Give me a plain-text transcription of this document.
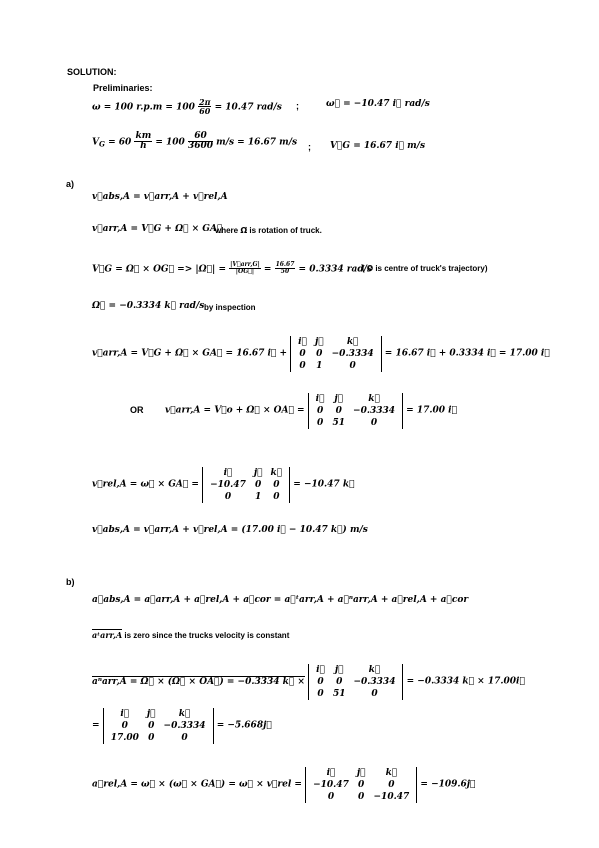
SOLUTION:
Preliminaries:
ω = 100 $r.p.m = 100 \frac{2\pi}{60} = 10.47$ rad/s ;	ω⃗ = −10.47 i⃗ rad/s
$V_G = 60 \frac{km}{h} = 100 \frac{60}{3600} m/s = 16.67$ m/s ; V⃗G = 16.67 i⃗ m/s
a)
v⃗abs,A = v⃗arr,A + v⃗rel,A
v⃗arr,A = V⃗G + Ω⃗ × GA⃗
where Ω⃗ is rotation of truck.
V⃗G = Ω⃗ × OG⃗ => |Ω⃗| = $\frac{\text{|V⃗arr,G|}}{|OG⃗|} = \frac{16.67}{50} = 0.3334$ rad/s
( O is centre of truck's trajectory)
Ω⃗ = −0.3334 k⃗ rad/s by inspection
v⃗arr,A = V⃗G + Ω⃗ × GA⃗ = 16.67 i⃗ +
i⃗	j⃗	k⃗
0	0	−0.3334
0	1	0
= 16.67 i⃗ + 0.3334 i⃗ = 17.00 i⃗
OR v⃗arr,A = V⃗o + Ω⃗ × OA⃗ =
i⃗	j⃗	k⃗
0	0	−0.3334
0	51	0
= 17.00 i⃗
v⃗rel,A = ω⃗ × GA⃗ =
i⃗	j⃗	k⃗
−10.47	0	0
0	1	0
= −10.47 k⃗
v⃗abs,A = v⃗arr,A + v⃗rel,A = (17.00 i⃗ − 10.47 k⃗) m/s
b)
a⃗abs,A = a⃗arr,A + a⃗rel,A + a⃗cor = a⃗ᵗarr,A + a⃗ⁿarr,A + a⃗rel,A + a⃗cor
aᵗarr,A is zero since the trucks velocity is constant
aⁿarr,A = Ω⃗ × (Ω⃗ × OA⃗) = −0.3334 k⃗ ×
i⃗	j⃗	k⃗
0	0	−0.3334
0	51	0
= −0.3334 k⃗ × 17.00i⃗
=
i⃗	j⃗	k⃗
0	0	−0.3334
17.00	0	0
= −5.668j⃗
a⃗rel,A = ω⃗ × (ω⃗ × GA⃗) = ω⃗ × v⃗rel =
i⃗	j⃗	k⃗
−10.47	0	0
0	0	−10.47
= −109.6j⃗
